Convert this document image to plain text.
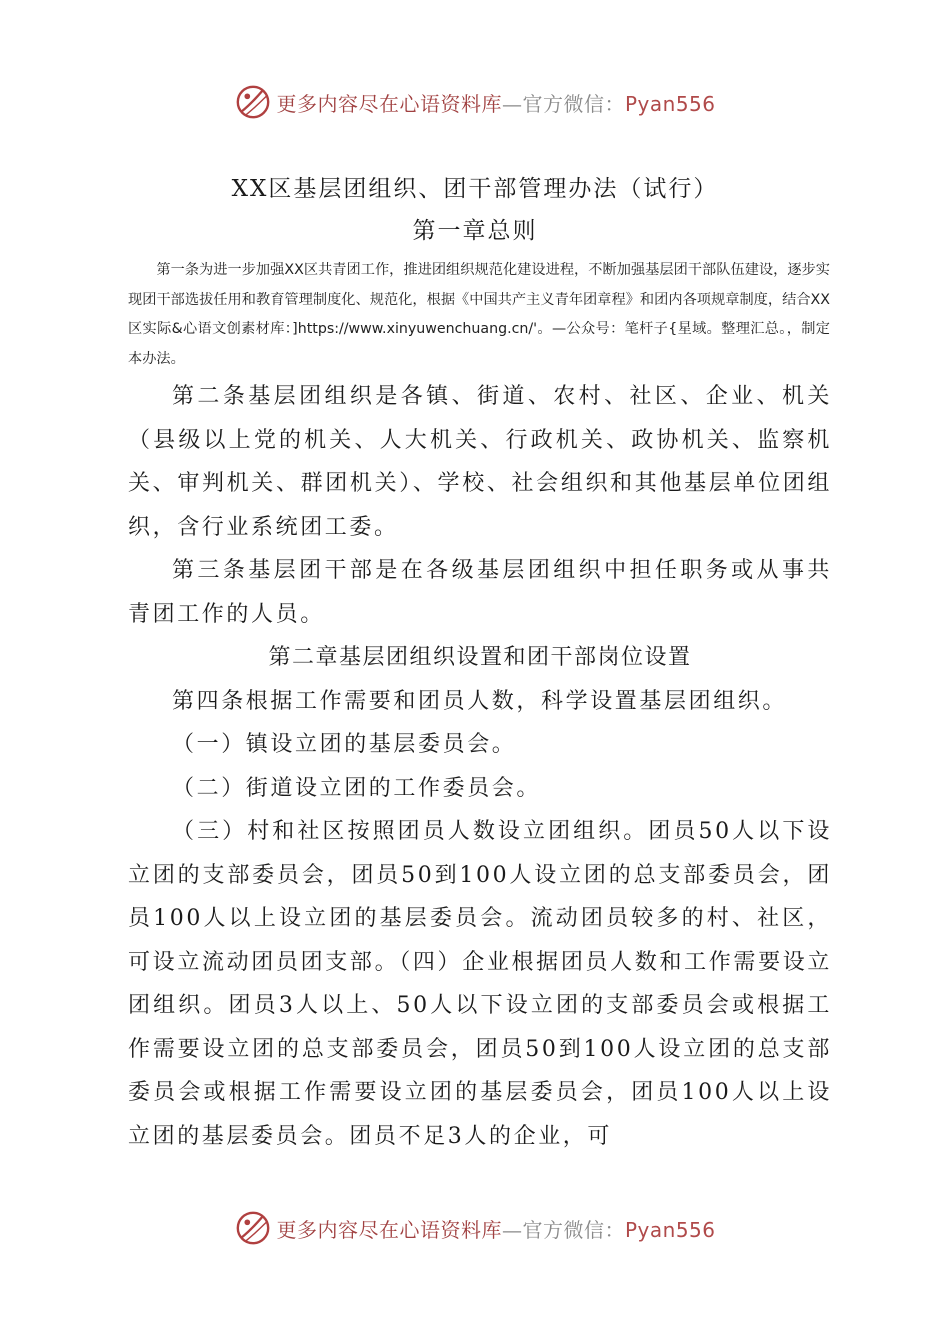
更多内容尽在心语资料库—官方微信：Pyan556
XX区基层团组织、团干部管理办法（试行）
第一章总则
第一条为进一步加强XX区共青团工作，推进团组织规范化建设进程，不断加强基层团干部队伍建设，逐步实现团干部选拔任用和教育管理制度化、规范化，根据《中国共产主义青年团章程》和团内各项规章制度，结合XX区实际&心语文创素材库：]https://www.xinyuwenchuang.cn/'。—公众号：笔杆子{星域。整理汇总。，制定本办法。

第二条基层团组织是各镇、街道、农村、社区、企业、机关（县级以上党的机关、人大机关、行政机关、政协机关、监察机关、审判机关、群团机关）、学校、社会组织和其他基层单位团组织，含行业系统团工委。

第三条基层团干部是在各级基层团组织中担任职务或从事共青团工作的人员。

第二章基层团组织设置和团干部岗位设置

第四条根据工作需要和团员人数，科学设置基层团组织。

（一）镇设立团的基层委员会。

（二）街道设立团的工作委员会。

（三）村和社区按照团员人数设立团组织。团员50人以下设立团的支部委员会，团员50到100人设立团的总支部委员会，团员100人以上设立团的基层委员会。流动团员较多的村、社区，可设立流动团员团支部。（四）企业根据团员人数和工作需要设立团组织。团员3人以上、50人以下设立团的支部委员会或根据工作需要设立团的总支部委员会，团员50到100人设立团的总支部委员会或根据工作需要设立团的基层委员会，团员100人以上设立团的基层委员会。团员不足3人的企业，可

更多内容尽在心语资料库—官方微信：Pyan556
